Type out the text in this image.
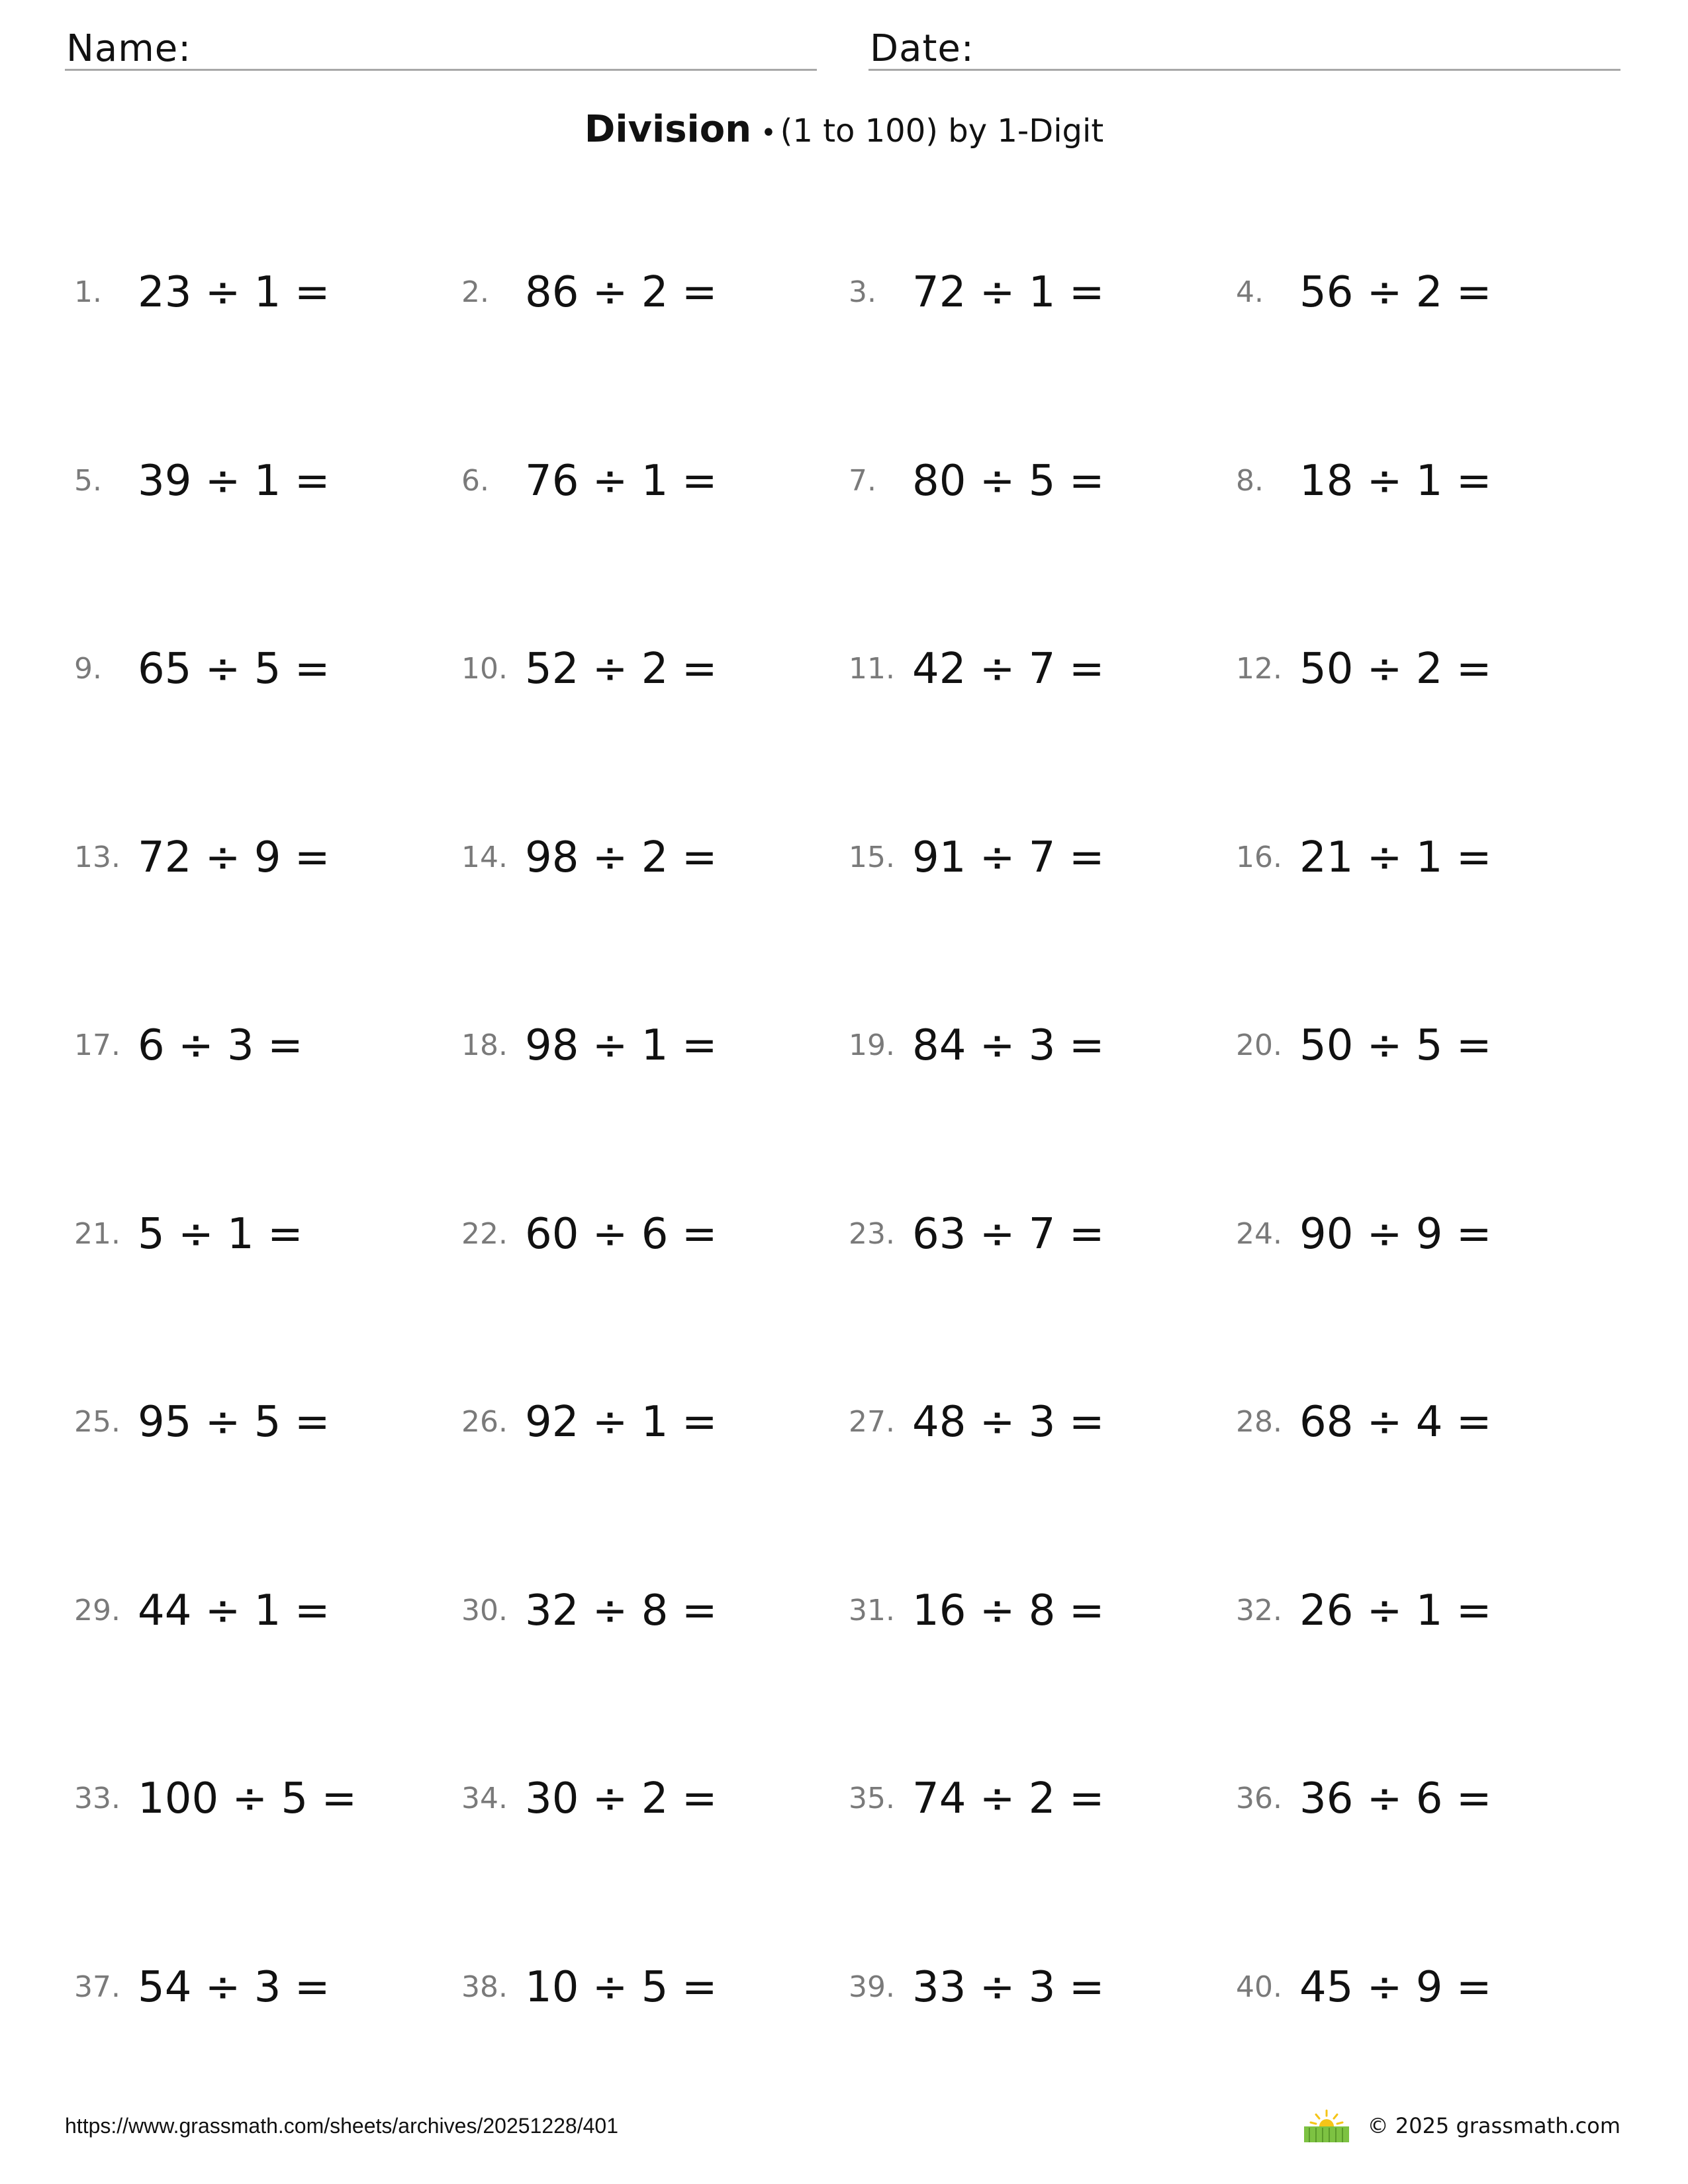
Name:	Date:
Division • (1 to 100) by 1-Digit
1. 23 ÷ 1 =	2. 86 ÷ 2 =	3. 72 ÷ 1 =	4. 56 ÷ 2 =
5. 39 ÷ 1 =	6. 76 ÷ 1 =	7. 80 ÷ 5 =	8. 18 ÷ 1 =
9. 65 ÷ 5 =	10. 52 ÷ 2 =	11. 42 ÷ 7 =	12. 50 ÷ 2 =
13. 72 ÷ 9 =	14. 98 ÷ 2 =	15. 91 ÷ 7 =	16. 21 ÷ 1 =
17. 6 ÷ 3 =	18. 98 ÷ 1 =	19. 84 ÷ 3 =	20. 50 ÷ 5 =
21. 5 ÷ 1 =	22. 60 ÷ 6 =	23. 63 ÷ 7 =	24. 90 ÷ 9 =
25. 95 ÷ 5 =	26. 92 ÷ 1 =	27. 48 ÷ 3 =	28. 68 ÷ 4 =
29. 44 ÷ 1 =	30. 32 ÷ 8 =	31. 16 ÷ 8 =	32. 26 ÷ 1 =
33. 100 ÷ 5 =	34. 30 ÷ 2 =	35. 74 ÷ 2 =	36. 36 ÷ 6 =
37. 54 ÷ 3 =	38. 10 ÷ 5 =	39. 33 ÷ 3 =	40. 45 ÷ 9 =
https://www.grassmath.com/sheets/archives/20251228/401	© 2025 grassmath.com
